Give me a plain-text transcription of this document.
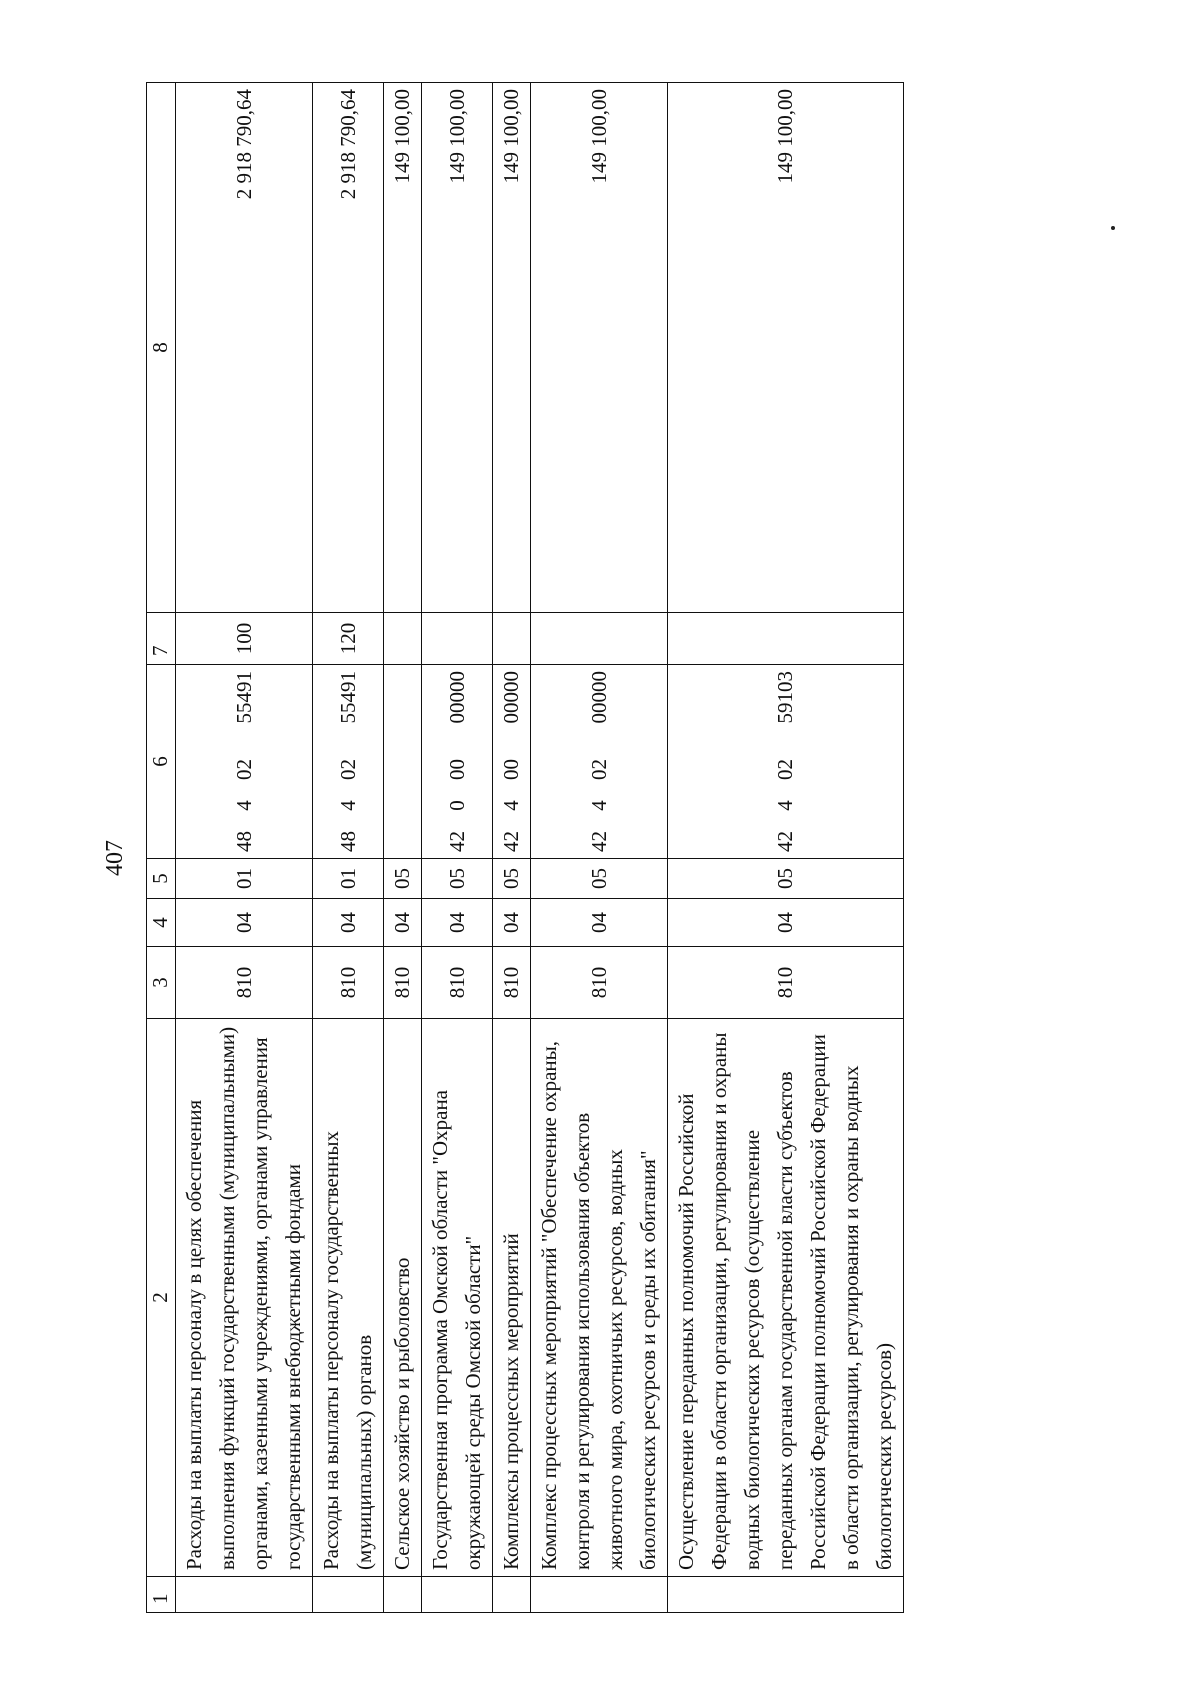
407
1	2	3	4	5	6				7	8
	Расходы на выплаты персоналу в целях обеспечения выполнения функций государственными (муниципальными) органами, казенными учреждениями, органами управления государственными внебюджетными фондами	810	04	01	48	4	02	55491	100	2 918 790,64
	Расходы на выплаты персоналу государственных (муниципальных) органов	810	04	01	48	4	02	55491	120	2 918 790,64
	Сельское хозяйство и рыболовство	810	04	05						149 100,00
	Государственная программа Омской области "Охрана окружающей среды Омской области"	810	04	05	42	0	00	00000		149 100,00
	Комплексы процессных мероприятий	810	04	05	42	4	00	00000		149 100,00
	Комплекс процессных мероприятий "Обеспечение охраны, контроля и регулирования использования объектов животного мира, охотничьих ресурсов, водных биологических ресурсов и среды их обитания"	810	04	05	42	4	02	00000		149 100,00
	Осуществление переданных полномочий Российской Федерации в области организации, регулирования и охраны водных биологических ресурсов (осуществление переданных органам государственной власти субъектов Российской Федерации полномочий Российской Федерации в области организации, регулирования и охраны водных биологических ресурсов)	810	04	05	42	4	02	59103		149 100,00
